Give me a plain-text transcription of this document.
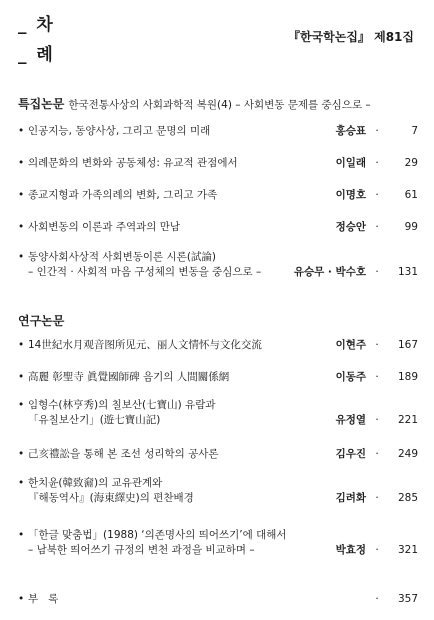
_ 차
_ 례
『한국학논집』 제81집
특집논문 한국전통사상의 사회과학적 복원(4) – 사회변동 문제를 중심으로 –
• 인공지능, 동양사상, 그리고 문명의 미래	홍승표 ·	7
• 의례문화의 변화와 공동체성: 유교적 관점에서	이일래 ·	29
• 종교지형과 가족의례의 변화, 그리고 가족	이명호 ·	61
• 사회변동의 이론과 주역과의 만남	정승안 ·	99
• 동양사회사상적 사회변동이론 시론(試論)
– 인간적 · 사회적 마음 구성체의 변동을 중심으로 –	유승무 · 박수호 ·	131
연구논문
• 14世紀水月观音图所见元、丽人文情怀与文化交流	이현주 ·	167
• 高麗 彰聖寺 眞覺國師碑 음기의 人間關係網	이동주 ·	189
• 임형수(林亨秀)의 칠보산(七寶山) 유람과
「유칠보산기」(遊七寶山記)	유정열 ·	221
• 己亥禮訟을 통해 본 조선 성리학의 공사론	김우진 ·	249
• 한치윤(韓致奫)의 교유관계와
『해동역사』(海東繹史)의 편찬배경	김려화 ·	285
• 「한글 맞춤법」(1988) ‘의존명사의 띄어쓰기’에 대해서
– 남북한 띄어쓰기 규정의 변천 과정을 비교하며 –	박효정 ·	321
• 부   록	·	357
